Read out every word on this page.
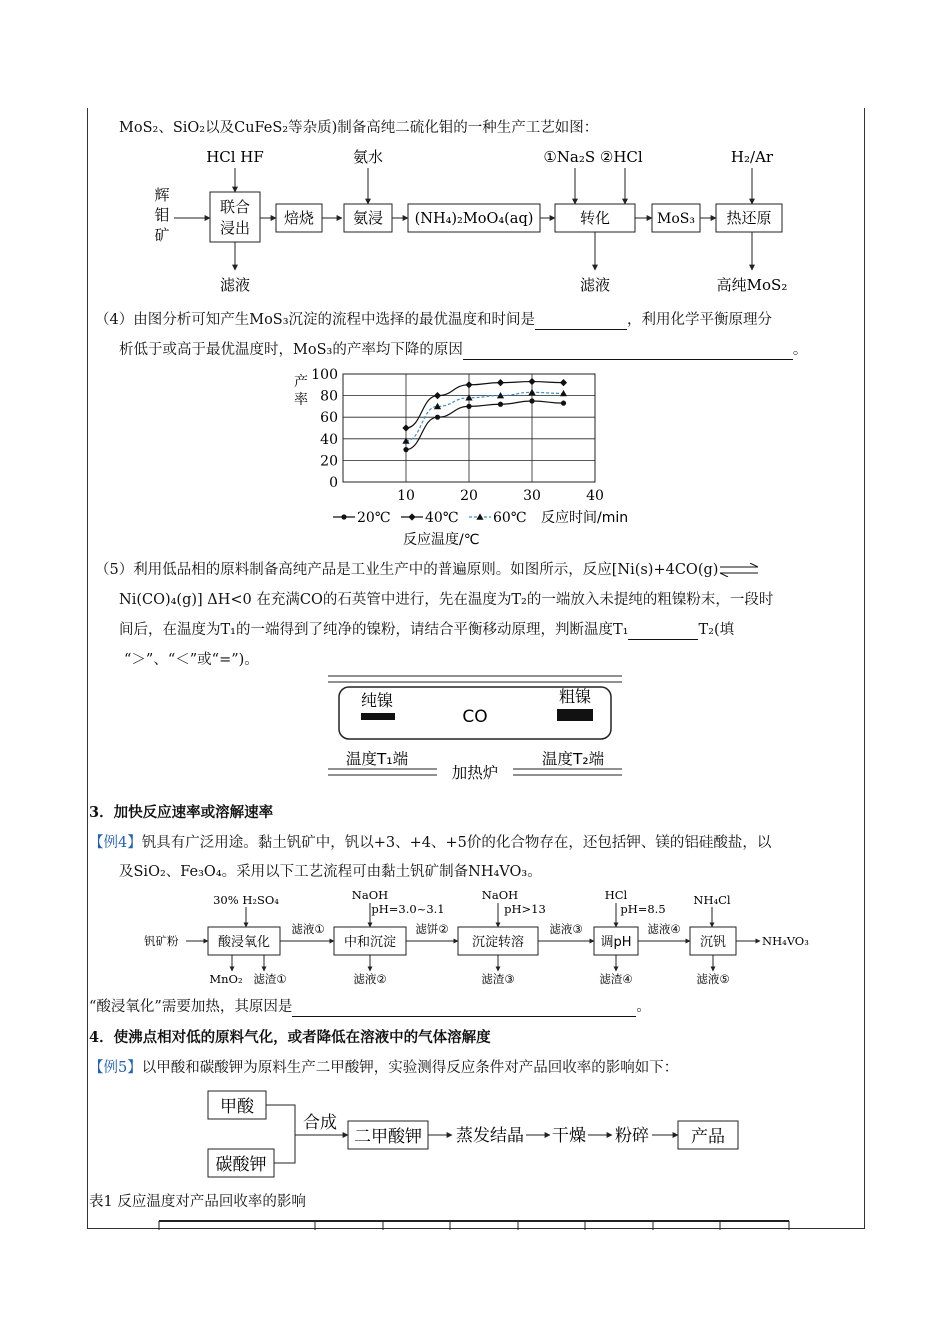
MoS₂、SiO₂以及CuFeS₂等杂质)制备高纯二硫化钼的一种生产工艺如图：
辉
钼
矿
HCl HF
联合
浸出
滤液
焙烧
氨水
氨浸 (NH₄)₂MoO₄(aq)
①Na₂S ②HCl
转化
滤液
MoS₃
H₂/Ar
热还原
高纯MoS₂
（4）由图分析可知产生MoS₃沉淀的流程中选择的最优温度和时间是	，利用化学平衡原理分
析低于或高于最优温度时，MoS₃的产率均下降的原因	。
0
20
40
60
80
100
10	20	30	40
产
率
20℃ 40℃ 60℃ 反应时间/min
反应温度/℃
（5）利用低品相的原料制备高纯产品是工业生产中的普遍原则。如图所示，反应[Ni(s)+4CO(g)⇌
Ni(CO)₄(g)] ΔH<0 在充满CO的石英管中进行，先在温度为T₂的一端放入未提纯的粗镍粉末，一段时
间后，在温度为T₁的一端得到了纯净的镍粉，请结合平衡移动原理，判断温度T₁	T₂(填
“＞”、“＜”或“=”)。
纯镍
CO
粗镍
温度T₁端
加热炉
温度T₂端
3．加快反应速率或溶解速率
【例4】钒具有广泛用途。黏土钒矿中，钒以+3、+4、+5价的化合物存在，还包括钾、镁的铝硅酸盐，以
及SiO₂、Fe₃O₄。采用以下工艺流程可由黏土钒矿制备NH₄VO₃。
钒矿粉
30% H₂SO₄
酸浸氧化
MnO₂ 滤渣①
滤液①
NaOH
pH=3.0~3.1
中和沉淀
滤液②
滤饼②
NaOH
pH>13
沉淀转溶
滤渣③
滤液③
HCl
pH=8.5
调pH
滤渣④
滤液④
NH₄Cl
沉钒
滤液⑤
NH₄VO₃
“酸浸氧化”需要加热，其原因是	。
4．使沸点相对低的原料气化，或者降低在溶液中的气体溶解度
【例5】以甲酸和碳酸钾为原料生产二甲酸钾，实验测得反应条件对产品回收率的影响如下：
甲酸
碳酸钾
合成
二甲酸钾 蒸发结晶 干燥 粉碎 产品
表1 反应温度对产品回收率的影响
